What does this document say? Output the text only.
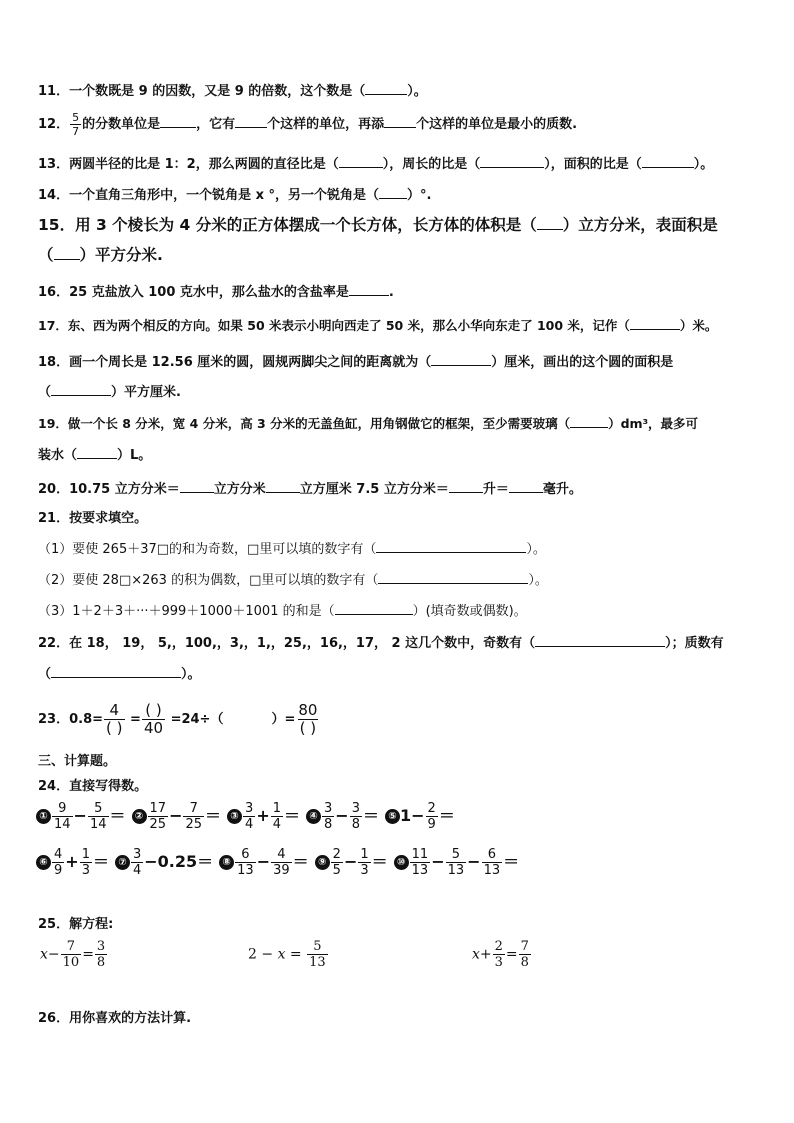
11．一个数既是 9 的因数，又是 9 的倍数，这个数是（	）。
12． $\frac{5}{7}$ 的分数单位是	，它有 个这样的单位，再添 个这样的单位是最小的质数.
13．两圆半径的比是 1：2，那么两圆的直径比是（	），周长的比是（	），面积的比是（	）。
14．一个直角三角形中，一个锐角是 x °，另一个锐角是（ ）°.
15．用 3 个棱长为 4 分米的正方体摆成一个长方体，长方体的体积是（ ）立方分米，表面积是
（ ）平方分米.
16．25 克盐放入 100 克水中，那么盐水的含盐率是	.
17．东、西为两个相反的方向。如果 50 米表示小明向西走了 50 米，那么小华向东走了 100 米，记作（	）米。
18．画一个周长是 12.56 厘米的圆，圆规两脚尖之间的距离就为（	）厘米，画出的这个圆的面积是
（	）平方厘米.
19．做一个长 8 分米，宽 4 分米，高 3 分米的无盖鱼缸，用角钢做它的框架，至少需要玻璃（	）dm³，最多可
装水（	）L。
20．10.75 立方分米＝	立方分米	立方厘米 7.5 立方分米＝	升＝	毫升。
21．按要求填空。
（1）要使 265＋37□的和为奇数，□里可以填的数字有（	）。
（2）要使 28□×263 的积为偶数，□里可以填的数字有（	）。
（3）1＋2＋3＋···＋999＋1000＋1001 的和是（	）(填奇数或偶数)。
22．在 18， 19， 5,，100,，3,，1,，25,，16,，17， 2 这几个数中，奇数有（	）；质数有
（	）。
23．$0.8= \frac{4}{( )} = \frac{( )}{40} =24\div$（	）= $\frac{80}{( )}$
三、计算题。
24．直接写得数。
① $\frac{9}{14} - \frac{5}{14}$ ＝ ② $\frac{17}{25} - \frac{7}{25}$ ＝ ③ $\frac{3}{4} + \frac{1}{4}$ ＝ ④ $\frac{3}{8} - \frac{3}{8}$ ＝ ⑤ $1- \frac{2}{9}$ ＝
⑥ $\frac{4}{9} + \frac{1}{3}$ ＝ ⑦ $\frac{3}{4} -0.25=$ ⑧ $\frac{6}{13} - \frac{4}{39}$ ＝ ⑨ $\frac{2}{5} - \frac{1}{3}$ ＝ ⑩ $\frac{11}{13} - \frac{5}{13} - \frac{6}{13}$ ＝
25．解方程:
$x- \frac{7}{10} = \frac{3}{8}$	$2 - x = \frac{5}{13}$	$x+ \frac{2}{3} = \frac{7}{8}$
26．用你喜欢的方法计算.
